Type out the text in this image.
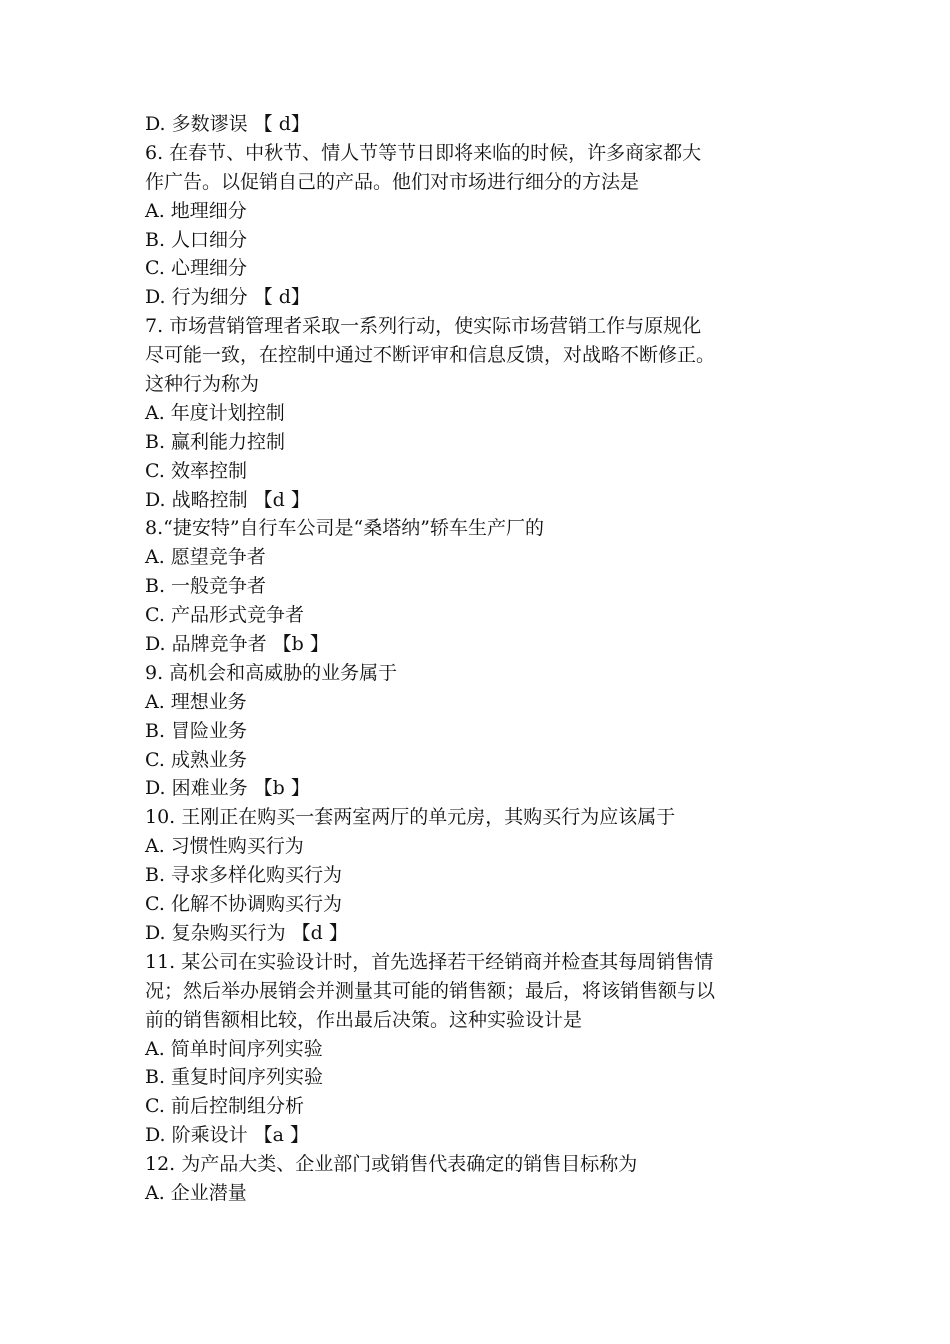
D. 多数谬误 【 d】
6. 在春节、中秋节、情人节等节日即将来临的时候，许多商家都大
作广告。以促销自己的产品。他们对市场进行细分的方法是
A. 地理细分
B. 人口细分
C. 心理细分
D. 行为细分 【 d】
7. 市场营销管理者采取一系列行动，使实际市场营销工作与原规化
尽可能一致，在控制中通过不断评审和信息反馈，对战略不断修正。
这种行为称为
A. 年度计划控制
B. 赢利能力控制
C. 效率控制
D. 战略控制 【d 】
8.“捷安特”自行车公司是“桑塔纳”轿车生产厂的
A. 愿望竞争者
B. 一般竞争者
C. 产品形式竞争者
D. 品牌竞争者 【b 】
9. 高机会和高威胁的业务属于
A. 理想业务
B. 冒险业务
C. 成熟业务
D. 困难业务 【b 】
10. 王刚正在购买一套两室两厅的单元房，其购买行为应该属于
A. 习惯性购买行为
B. 寻求多样化购买行为
C. 化解不协调购买行为
D. 复杂购买行为 【d 】
11. 某公司在实验设计时，首先选择若干经销商并检查其每周销售情
况；然后举办展销会并测量其可能的销售额；最后，将该销售额与以
前的销售额相比较，作出最后决策。这种实验设计是
A. 简单时间序列实验
B. 重复时间序列实验
C. 前后控制组分析
D. 阶乘设计 【a 】
12. 为产品大类、企业部门或销售代表确定的销售目标称为
A. 企业潜量
